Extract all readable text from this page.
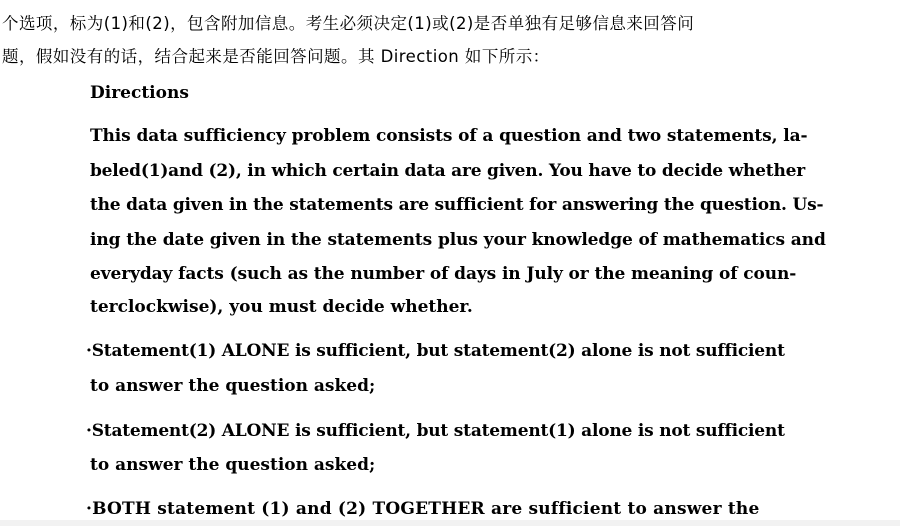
个选项，标为(1)和(2)，包含附加信息。考生必须决定(1)或(2)是否单独有足够信息来回答问
题，假如没有的话，结合起来是否能回答问题。其 Direction 如下所示：
Directions
This data sufficiency problem consists of a question and two statements, la-
beled(1)and (2), in which certain data are given. You have to decide whether
the data given in the statements are sufficient for answering the question. Us-
ing the date given in the statements plus your knowledge of mathematics and
everyday facts (such as the number of days in July or the meaning of coun-
terclockwise), you must decide whether.
·Statement(1) ALONE is sufficient, but statement(2) alone is not sufficient
to answer the question asked;
·Statement(2) ALONE is sufficient, but statement(1) alone is not sufficient
to answer the question asked;
·BOTH statement (1) and (2) TOGETHER are sufficient to answer the
